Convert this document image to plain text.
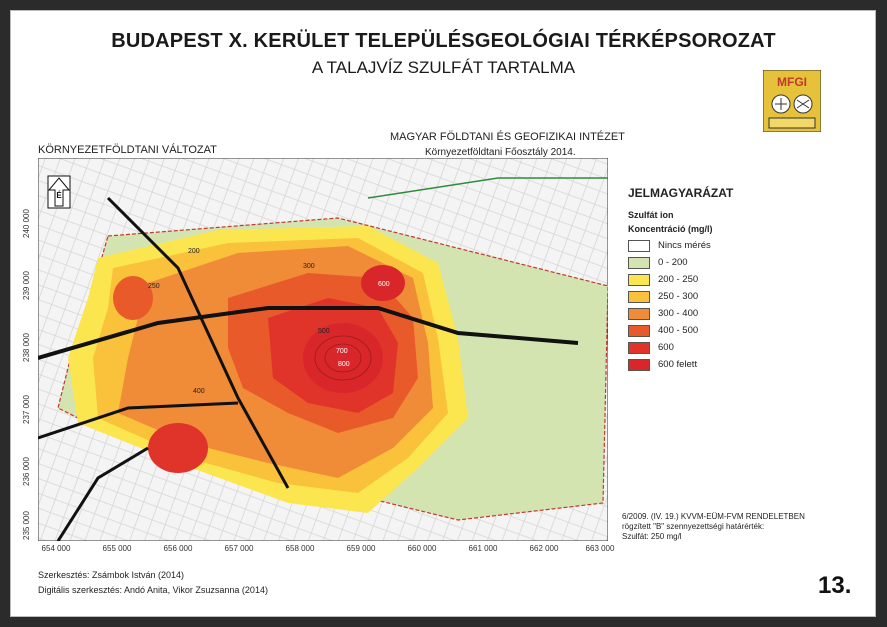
BUDAPEST X. KERÜLET TELEPÜLÉSGEOLÓGIAI TÉRKÉPSOROZAT
A TALAJVÍZ SZULFÁT TARTALMA
MFGI
KÖRNYEZETFÖLDTANI VÁLTOZAT
MAGYAR FÖLDTANI ÉS GEOFIZIKAI INTÉZET
Környezetföldtani Főosztály 2014.
200
250
300
400
500
600
700
800
É
654 000	655 000	656 000	657 000	658 000	659 000	660 000	661 000	662 000	663 000
240 000
239 000
238 000
237 000
236 000
235 000
JELMAGYARÁZAT
Szulfát ion
Koncentráció (mg/l)
Nincs mérés
0 - 200
200 - 250
250 - 300
300 - 400
400 - 500
600
600 felett
6/2009. (IV. 19.) KVVM-EÜM-FVM RENDELETBEN
rögzített "B" szennyezettségi határérték:
Szulfát: 250 mg/l
Szerkesztés: Zsámbok István (2014)
Digitális szerkesztés: Andó Anita, Vikor Zsuzsanna (2014)	13.
